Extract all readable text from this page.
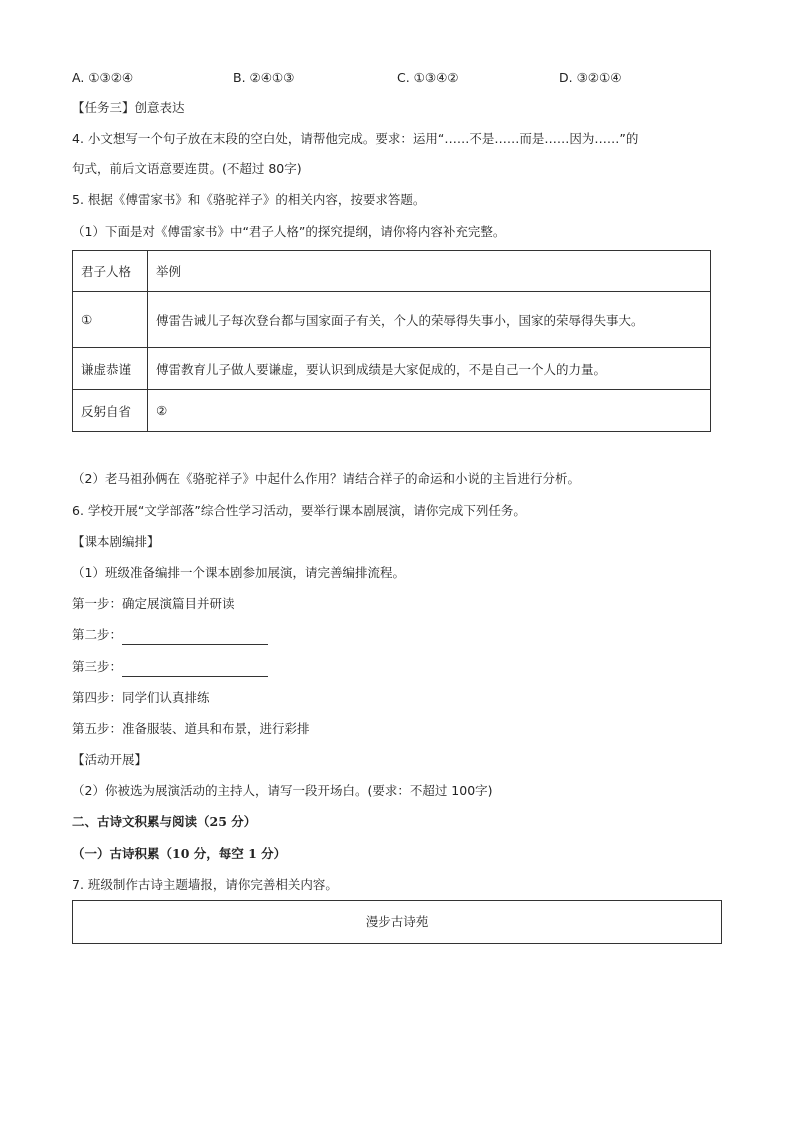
A. ①③②④	B. ②④①③	C. ①③④②	D. ③②①④
【任务三】创意表达
4. 小文想写一个句子放在末段的空白处，请帮他完成。要求：运用“……不是……而是……因为……”的
句式，前后文语意要连贯。(不超过 80字)
5. 根据《傅雷家书》和《骆驼祥子》的相关内容，按要求答题。
（1）下面是对《傅雷家书》中“君子人格”的探究提纲，请你将内容补充完整。
君子人格	举例
①	傅雷告诫儿子每次登台都与国家面子有关，个人的荣辱得失事小，国家的荣辱得失事大。
谦虚恭谨	傅雷教育儿子做人要谦虚，要认识到成绩是大家促成的，不是自己一个人的力量。
反躬自省	②
（2）老马祖孙俩在《骆驼祥子》中起什么作用？请结合祥子的命运和小说的主旨进行分析。
6. 学校开展“文学部落”综合性学习活动，要举行课本剧展演，请你完成下列任务。
【课本剧编排】
（1）班级准备编排一个课本剧参加展演，请完善编排流程。
第一步：确定展演篇目并研读
第二步：
第三步：
第四步：同学们认真排练
第五步：准备服装、道具和布景，进行彩排
【活动开展】
（2）你被选为展演活动的主持人，请写一段开场白。(要求：不超过 100字)
二、古诗文积累与阅读（25 分）
（一）古诗积累（10 分，每空 1 分）
7. 班级制作古诗主题墙报，请你完善相关内容。
漫步古诗苑
